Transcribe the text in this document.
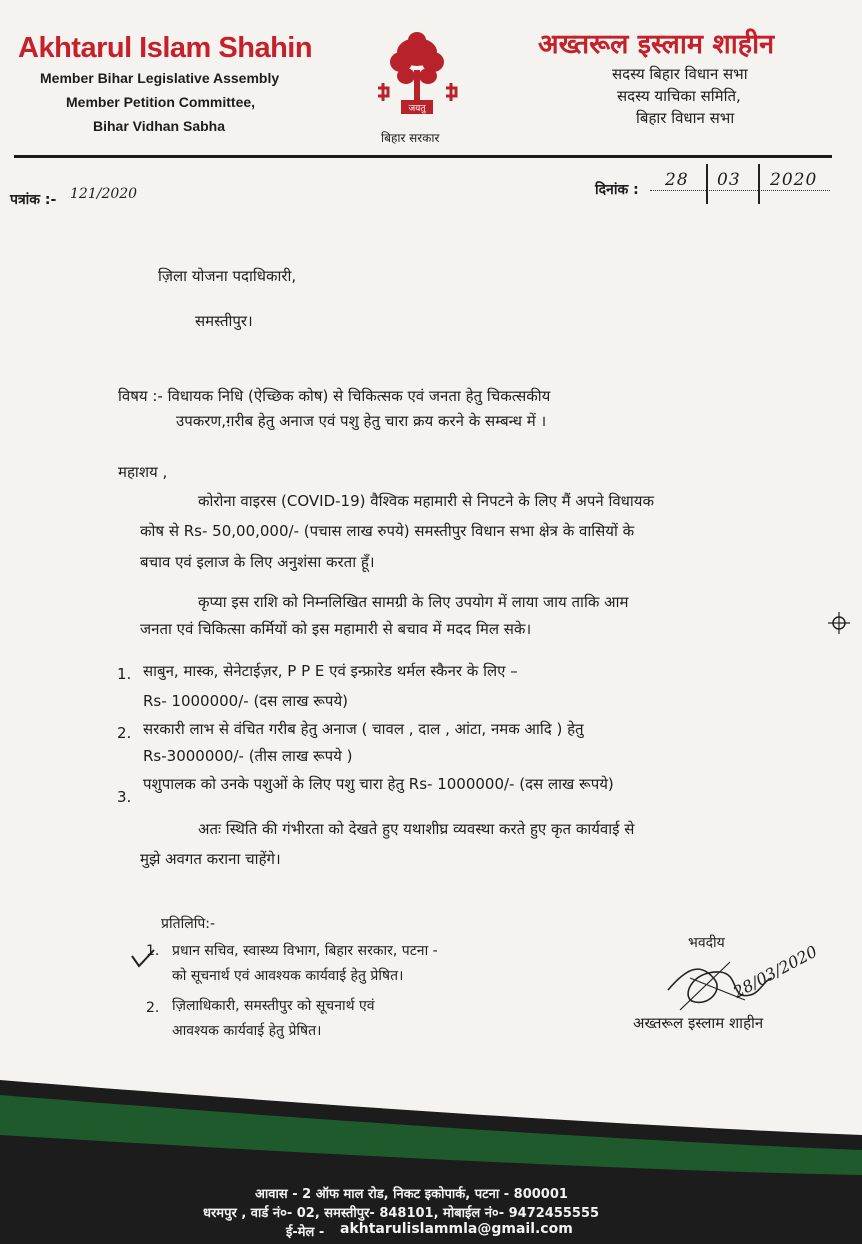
Akhtarul Islam Shahin
Member Bihar Legislative Assembly
Member Petition Committee,
Bihar Vidhan Sabha
जयतु
बिहार सरकार
अख्तरूल इस्लाम शाहीन
सदस्य बिहार विधान सभा
सदस्य याचिका समिति,
बिहार विधान सभा
पत्रांक :- 121/2020	दिनांक : 28 03 2020
ज़िला योजना पदाधिकारी,
समस्तीपुर।
विषय :- विधायक निधि (ऐच्छिक कोष) से चिकित्सक एवं जनता हेतु चिकत्सकीय
उपकरण,ग़रीब हेतु अनाज एवं पशु हेतु चारा क्रय करने के सम्बन्ध में ।
महाशय ,
कोरोना वाइरस (COVID-19) वैश्विक महामारी से निपटने के लिए मैं अपने विधायक
कोष से Rs- 50,00,000/- (पचास लाख रुपये) समस्तीपुर विधान सभा क्षेत्र के वासियों के
बचाव एवं इलाज के लिए अनुशंसा करता हूँ।
कृप्या इस राशि को निम्नलिखित सामग्री के लिए उपयोग में लाया जाय ताकि आम
जनता एवं चिकित्सा कर्मियों को इस महामारी से बचाव में मदद मिल सके।
1. साबुन, मास्क, सेनेटाईज़र, P P E एवं इन्फ्रारेड थर्मल स्कैनर के लिए –
Rs- 1000000/- (दस लाख रूपये)
2. सरकारी लाभ से वंचित गरीब हेतु अनाज ( चावल , दाल , आंटा, नमक आदि ) हेतु
Rs-3000000/- (तीस लाख रूपये )
3.
पशुपालक को उनके पशुओं के लिए पशु चारा हेतु Rs- 1000000/- (दस लाख रूपये)
अतः स्थिति की गंभीरता को देखते हुए यथाशीघ्र व्यवस्था करते हुए कृत कार्यवाई से
मुझे अवगत कराना चाहेंगे।
प्रतिलिपि:-
1. प्रधान सचिव, स्वास्थ्य विभाग, बिहार सरकार, पटना -
को सूचनार्थ एवं आवश्यक कार्यवाई हेतु प्रेषित।
2. ज़िलाधिकारी, समस्तीपुर को सूचनार्थ एवं
आवश्यक कार्यवाई हेतु प्रेषित।
भवदीय 28/03/2020
अख्तरूल इस्लाम शाहीन
आवास - 2 ऑफ माल रोड, निकट इकोपार्क, पटना - 800001
धरमपुर , वार्ड नं०- 02, समस्तीपुर- 848101, मोबाईल नं०- 9472455555
ई-मेल - akhtarulislammla@gmail.com
